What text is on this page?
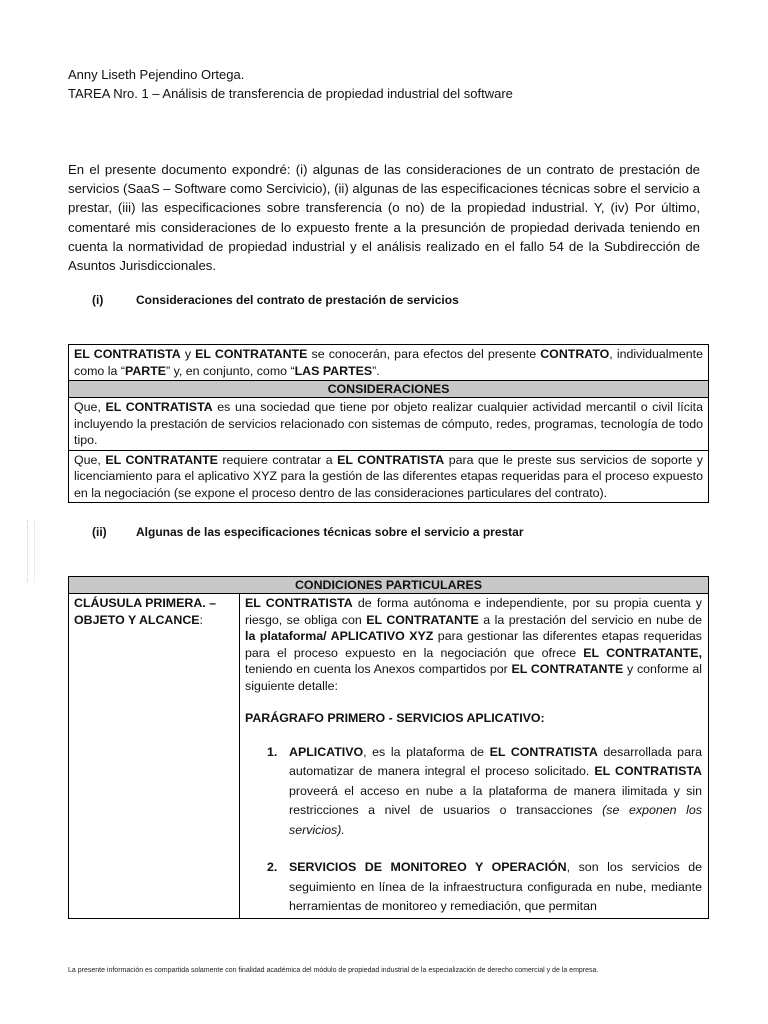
Anny Liseth Pejendino Ortega.
TAREA Nro. 1 – Análisis de transferencia de propiedad industrial del software
En el presente documento expondré: (i) algunas de las consideraciones de un contrato de prestación de servicios (SaaS – Software como Sercivicio), (ii) algunas de las especificaciones técnicas sobre el servicio a prestar, (iii) las especificaciones sobre transferencia (o no) de la propiedad industrial. Y, (iv) Por último, comentaré mis consideraciones de lo expuesto frente a la presunción de propiedad derivada teniendo en cuenta la normatividad de propiedad industrial y el análisis realizado en el fallo 54 de la Subdirección de Asuntos Jurisdiccionales.
(i)	Consideraciones del contrato de prestación de servicios
EL CONTRATISTA y EL CONTRATANTE se conocerán, para efectos del presente CONTRATO, individualmente como la “PARTE” y, en conjunto, como “LAS PARTES”.
CONSIDERACIONES
Que, EL CONTRATISTA es una sociedad que tiene por objeto realizar cualquier actividad mercantil o civil lícita incluyendo la prestación de servicios relacionado con sistemas de cómputo, redes, programas, tecnología de todo tipo.
Que, EL CONTRATANTE requiere contratar a EL CONTRATISTA para que le preste sus servicios de soporte y licenciamiento para el aplicativo XYZ para la gestión de las diferentes etapas requeridas para el proceso expuesto en la negociación (se expone el proceso dentro de las consideraciones particulares del contrato).
(ii) Algunas de las especificaciones técnicas sobre el servicio a prestar
CONDICIONES PARTICULARES
CLÁUSULA PRIMERA. – OBJETO Y ALCANCE:	
EL CONTRATISTA de forma autónoma e independiente, por su propia cuenta y riesgo, se obliga con EL CONTRATANTE a la prestación del servicio en nube de la plataforma/ APLICATIVO XYZ para gestionar las diferentes etapas requeridas para el proceso expuesto en la negociación que ofrece EL CONTRATANTE, teniendo en cuenta los Anexos compartidos por EL CONTRATANTE y conforme al siguiente detalle:
PARÁGRAFO PRIMERO - SERVICIOS APLICATIVO:
1. APLICATIVO, es la plataforma de EL CONTRATISTA desarrollada para automatizar de manera integral el proceso solicitado. EL CONTRATISTA proveerá el acceso en nube a la plataforma de manera ilimitada y sin restricciones a nivel de usuarios o transacciones (se exponen los servicios).
2. SERVICIOS DE MONITOREO Y OPERACIÓN, son los servicios de seguimiento en línea de la infraestructura configurada en nube, mediante herramientas de monitoreo y remediación, que permitan
La presente información es compartida solamente con finalidad académica del módulo de propiedad industrial de la especialización de derecho comercial y de la empresa.
